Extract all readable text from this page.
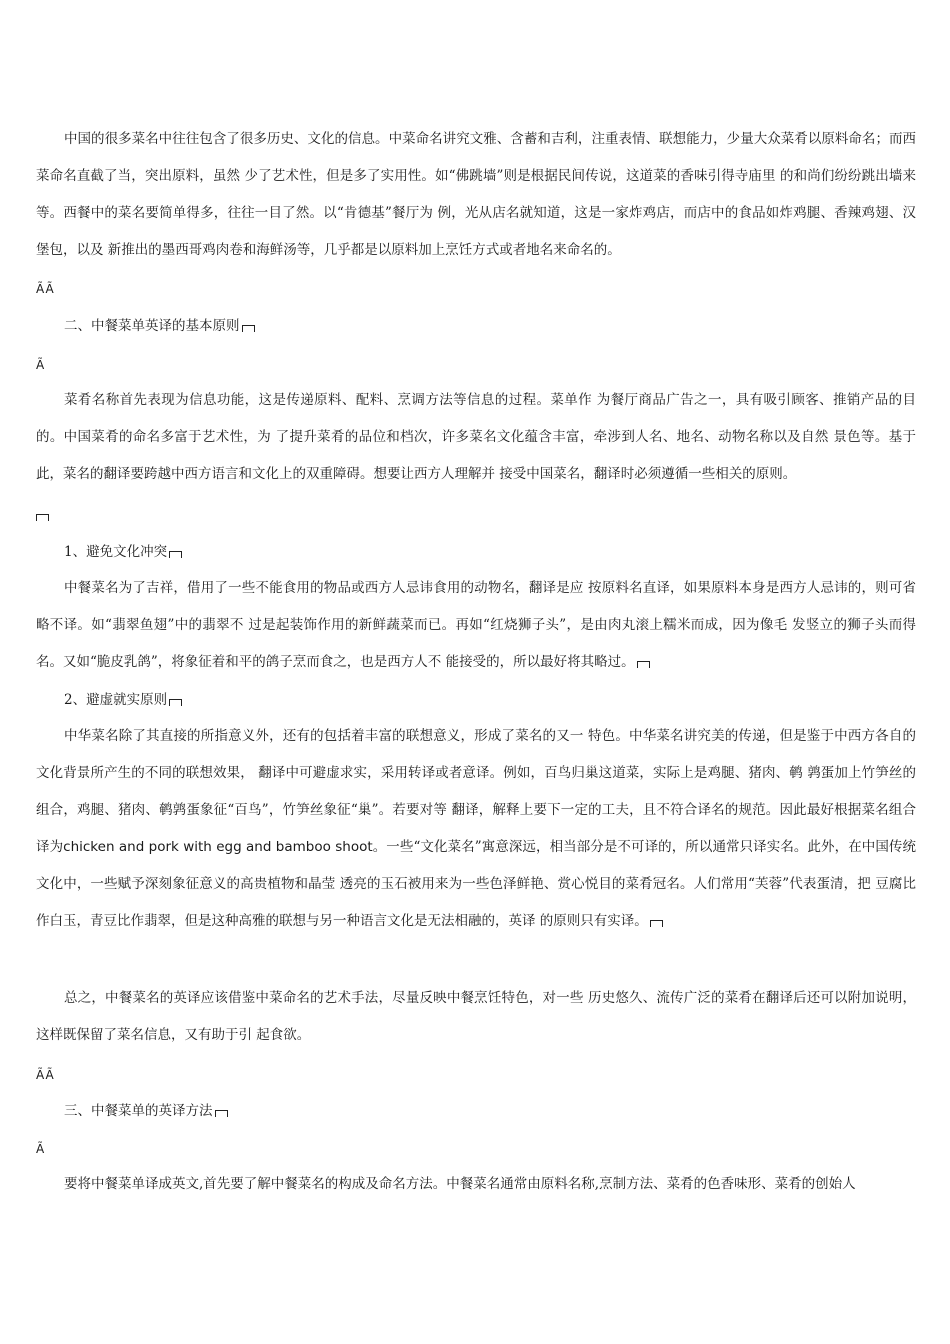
中国的很多菜名中往往包含了很多历史、文化的信息。中菜命名讲究文雅、含蓄和吉利，注重表情、联想能力，少量大众菜肴以原料命名；而西菜命名直截了当，突出原料，虽然 少了艺术性，但是多了实用性。如“佛跳墙”则是根据民间传说，这道菜的香味引得寺庙里 的和尚们纷纷跳出墙来等。西餐中的菜名要简单得多，往往一目了然。以“肯德基”餐厅为 例，光从店名就知道，这是一家炸鸡店，而店中的食品如炸鸡腿、香辣鸡翅、汉堡包，以及 新推出的墨西哥鸡肉卷和海鲜汤等，几乎都是以原料加上烹饪方式或者地名来命名的。
ÃÃ
二、中餐菜单英译的基本原则
Ã
菜肴名称首先表现为信息功能，这是传递原料、配料、烹调方法等信息的过程。菜单作 为餐厅商品广告之一，具有吸引顾客、推销产品的目的。中国菜肴的命名多富于艺术性，为 了提升菜肴的品位和档次，许多菜名文化蕴含丰富，牵涉到人名、地名、动物名称以及自然 景色等。基于此，菜名的翻译要跨越中西方语言和文化上的双重障碍。想要让西方人理解并 接受中国菜名，翻译时必须遵循一些相关的原则。
1、避免文化冲突
中餐菜名为了吉祥，借用了一些不能食用的物品或西方人忌讳食用的动物名，翻译是应 按原料名直译，如果原料本身是西方人忌讳的，则可省略不译。如“翡翠鱼翅”中的翡翠不 过是起装饰作用的新鲜蔬菜而已。再如“红烧狮子头”，是由肉丸滚上糯米而成，因为像毛 发竖立的狮子头而得名。又如“脆皮乳鸽”，将象征着和平的鸽子烹而食之，也是西方人不 能接受的，所以最好将其略过。
2、避虚就实原则
中华菜名除了其直接的所指意义外，还有的包括着丰富的联想意义，形成了菜名的又一 特色。中华菜名讲究美的传递，但是鉴于中西方各自的文化背景所产生的不同的联想效果， 翻译中可避虚求实，采用转译或者意译。例如，百鸟归巢这道菜，实际上是鸡腿、猪肉、鹌 鹑蛋加上竹笋丝的组合，鸡腿、猪肉、鹌鹑蛋象征“百鸟”，竹笋丝象征“巢”。若要对等 翻译，解释上要下一定的工夫，且不符合译名的规范。因此最好根据菜名组合译为chicken and pork with egg and bamboo shoot。一些“文化菜名”寓意深远，相当部分是不可译的，所以通常只译实名。此外，在中国传统文化中，一些赋予深刻象征意义的高贵植物和晶莹 透亮的玉石被用来为一些色泽鲜艳、赏心悦目的菜肴冠名。人们常用“芙蓉”代表蛋清，把 豆腐比作白玉，青豆比作翡翠，但是这种高雅的联想与另一种语言文化是无法相融的，英译 的原则只有实译。
总之，中餐菜名的英译应该借鉴中菜命名的艺术手法，尽量反映中餐烹饪特色，对一些 历史悠久、流传广泛的菜肴在翻译后还可以附加说明，这样既保留了菜名信息，又有助于引 起食欲。
ÃÃ
三、中餐菜单的英译方法
Ã
要将中餐菜单译成英文,首先要了解中餐菜名的构成及命名方法。中餐菜名通常由原料名称,烹制方法、菜肴的色香味形、菜肴的创始人
